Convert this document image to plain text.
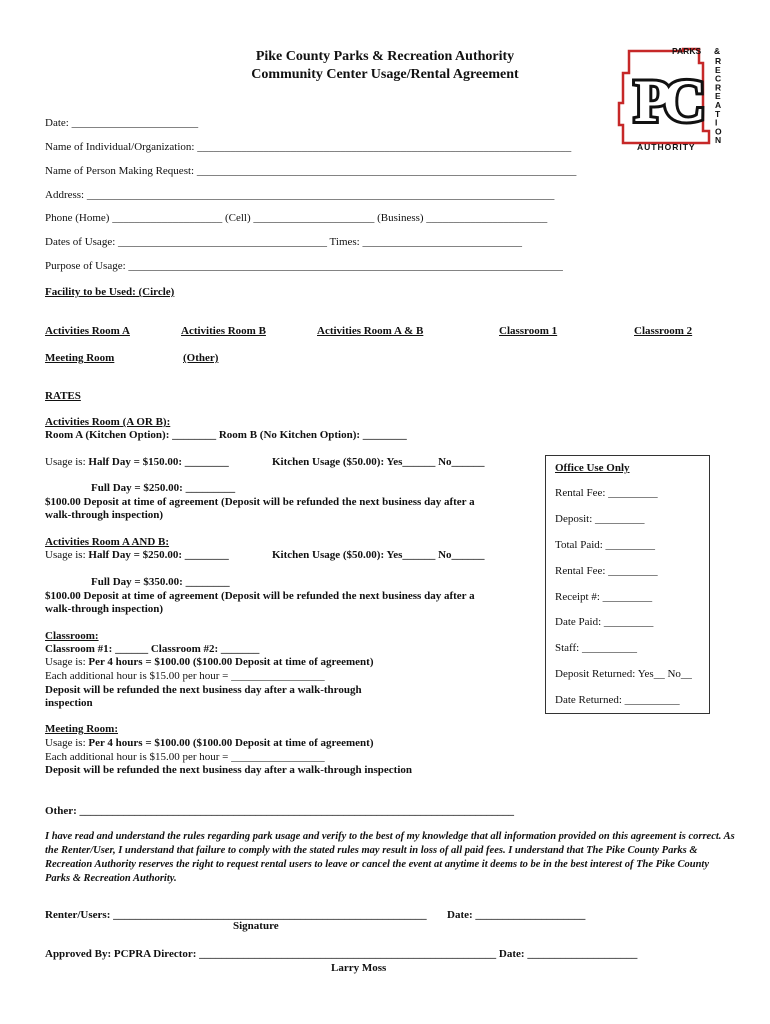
Pike County Parks & Recreation Authority
Community Center Usage/Rental Agreement	PC
PARKS &
R
E
C
R
E
A
T
I
O
N
AUTHORITY
Date: _______________________
Name of Individual/Organization: ____________________________________________________________________
Name of Person Making Request: _____________________________________________________________________
Address: _____________________________________________________________________________________
Phone (Home) ____________________ (Cell) ______________________ (Business) ______________________
Dates of Usage: ______________________________________ Times: _____________________________
Purpose of Usage: _______________________________________________________________________________
Facility to be Used: (Circle)
Activities Room A	Activities Room B	Activities Room A & B	Classroom 1	Classroom 2
Meeting Room	(Other)
RATES
Activities Room (A OR B):
Room A (Kitchen Option): ________ Room B (No Kitchen Option): ________
Usage is: Half Day = $150.00: ________	Kitchen Usage ($50.00): Yes______ No______
Full Day = $250.00: _________
$100.00 Deposit at time of agreement (Deposit will be refunded the next business day after a
walk-through inspection)
Activities Room A AND B:
Usage is: Half Day = $250.00: ________	Kitchen Usage ($50.00): Yes______ No______
Full Day = $350.00: ________
$100.00 Deposit at time of agreement (Deposit will be refunded the next business day after a
walk-through inspection)
Classroom:
Classroom #1: ______ Classroom #2: _______
Usage is: Per 4 hours = $100.00 ($100.00 Deposit at time of agreement)
Each additional hour is $15.00 per hour = _________________
Deposit will be refunded the next business day after a walk-through
inspection
Meeting Room:
Usage is: Per 4 hours = $100.00 ($100.00 Deposit at time of agreement)
Each additional hour is $15.00 per hour = _________________
Deposit will be refunded the next business day after a walk-through inspection
Office Use Only
Rental Fee: _________
Deposit: _________
Total Paid: _________
Rental Fee: _________
Receipt #: _________
Date Paid: _________
Staff: __________
Deposit Returned: Yes__ No__
Date Returned: __________
Other: _______________________________________________________________________________
I have read and understand the rules regarding park usage and verify to the best of my knowledge that all information provided on this agreement is correct. As the Renter/User, I understand that failure to comply with the stated rules may result in loss of all paid fees. I understand that The Pike County Parks & Recreation Authority reserves the right to request rental users to leave or cancel the event at anytime it deems to be in the best interest of The Pike County Parks & Recreation Authority.
Renter/Users: _________________________________________________________ Date: ____________________
Signature
Approved By: PCPRA Director: ______________________________________________________ Date: ____________________
Larry Moss
